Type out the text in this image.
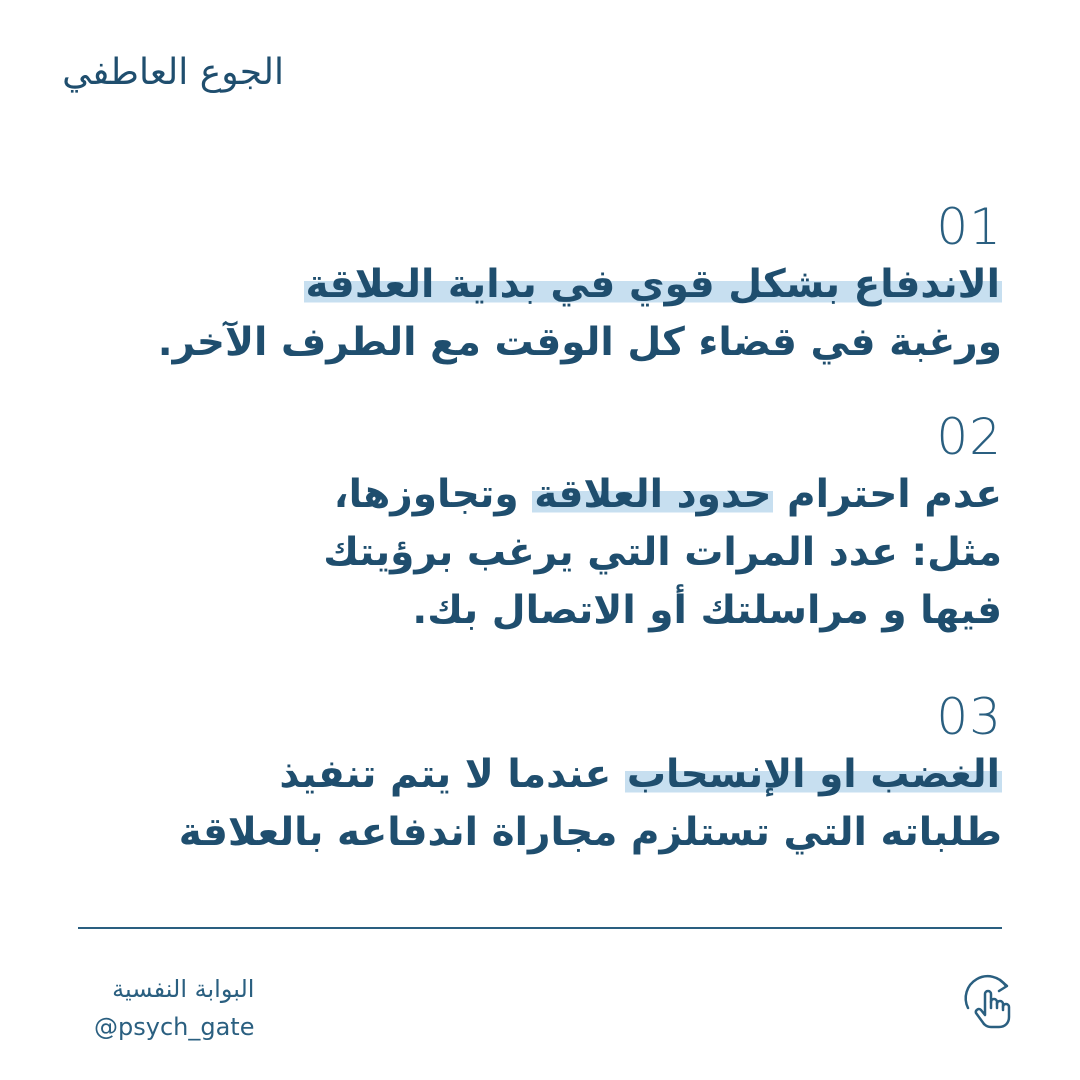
الجوع العاطفي
01
الاندفاع بشكل قوي في بداية العلاقة
ورغبة في قضاء كل الوقت مع الطرف الآخر.
02
عدم احترام حدود العلاقة وتجاوزها،
مثل: عدد المرات التي يرغب برؤيتك
فيها و مراسلتك أو الاتصال بك.
03
الغضب او الإنسحاب عندما لا يتم تنفيذ
طلباته التي تستلزم مجاراة اندفاعه بالعلاقة
البوابة النفسية
@psych_gate
